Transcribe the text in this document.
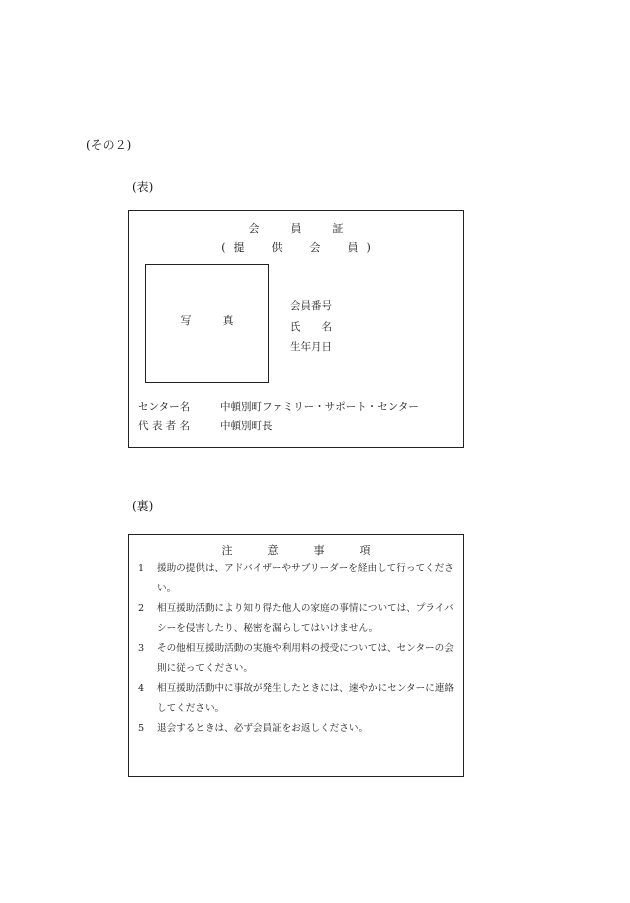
(その２)
(表)
会　員　証
(提　供　会　員)
写　真
会員番号
氏　　名
生年月日
センター名	中頓別町ファミリー・サポート・センター
代 表 者 名	中頓別町長
(裏)
注　意　事　項
1 援助の提供は、アドバイザーやサブリーダーを経由して行ってください。
2 相互援助活動により知り得た他人の家庭の事情については、プライバシーを侵害したり、秘密を漏らしてはいけません。
3 その他相互援助活動の実施や利用料の授受については、センターの会則に従ってください。
4 相互援助活動中に事故が発生したときには、速やかにセンターに連絡してください。
5 退会するときは、必ず会員証をお返しください。
